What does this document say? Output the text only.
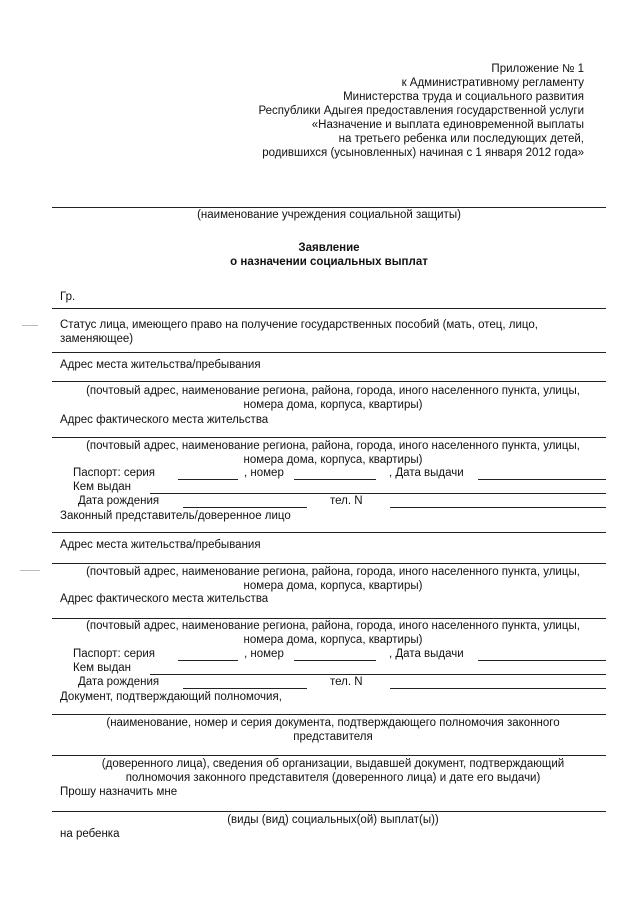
Приложение № 1
к Административному регламенту
Министерства труда и социального развития
Республики Адыгея предоставления государственной услуги
«Назначение и выплата единовременной выплаты
на третьего ребенка или последующих детей,
родившихся (усыновленных) начиная с 1 января 2012 года»
(наименование учреждения социальной защиты)
Заявление
о назначении социальных выплат
Гр.
Статус лица, имеющего право на получение государственных пособий (мать, отец, лицо,
заменяющее)
Адрес места жительства/пребывания
(почтовый адрес, наименование региона, района, города, иного населенного пункта, улицы,
номера дома, корпуса, квартиры)
Адрес фактического места жительства
(почтовый адрес, наименование региона, района, города, иного населенного пункта, улицы,
номера дома, корпуса, квартиры)
Паспорт: серия	, номер	, Дата выдачи
Кем выдан
Дата рождения	тел. N
Законный представитель/доверенное лицо
Адрес места жительства/пребывания
(почтовый адрес, наименование региона, района, города, иного населенного пункта, улицы,
номера дома, корпуса, квартиры)
Адрес фактического места жительства
(почтовый адрес, наименование региона, района, города, иного населенного пункта, улицы,
номера дома, корпуса, квартиры)
Паспорт: серия	, номер	, Дата выдачи
Кем выдан
Дата рождения	тел. N
Документ, подтверждающий полномочия,
(наименование, номер и серия документа, подтверждающего полномочия законного
представителя
(доверенного лица), сведения об организации, выдавшей документ, подтверждающий
полномочия законного представителя (доверенного лица) и дате его выдачи)
Прошу назначить мне
(виды (вид) социальных(ой) выплат(ы))
на ребенка
